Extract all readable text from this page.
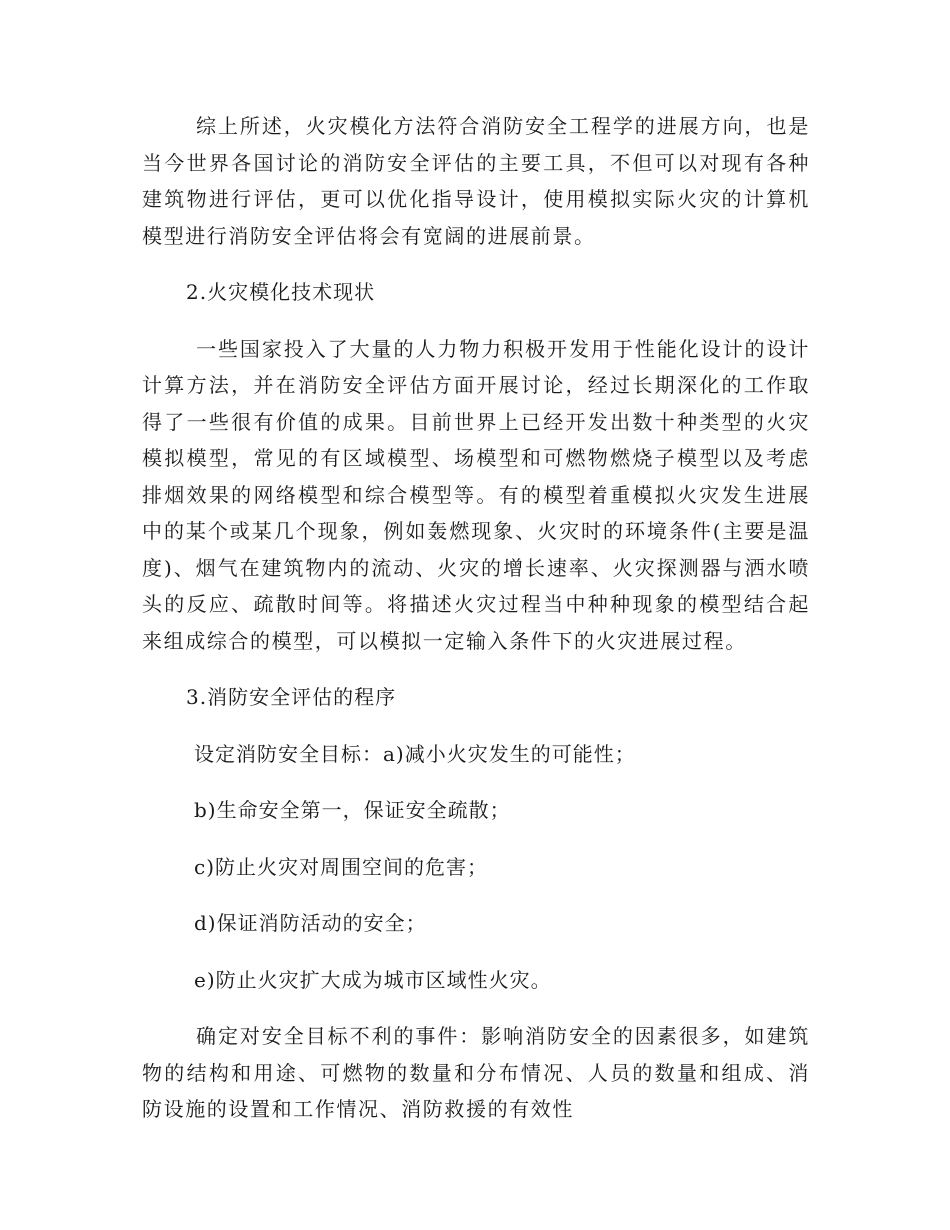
综上所述，火灾模化方法符合消防安全工程学的进展方向，也是当今世界各国讨论的消防安全评估的主要工具，不但可以对现有各种建筑物进行评估，更可以优化指导设计，使用模拟实际火灾的计算机模型进行消防安全评估将会有宽阔的进展前景。

2.火灾模化技术现状

一些国家投入了大量的人力物力积极开发用于性能化设计的设计计算方法，并在消防安全评估方面开展讨论，经过长期深化的工作取得了一些很有价值的成果。目前世界上已经开发出数十种类型的火灾模拟模型，常见的有区域模型、场模型和可燃物燃烧子模型以及考虑排烟效果的网络模型和综合模型等。有的模型着重模拟火灾发生进展中的某个或某几个现象，例如轰燃现象、火灾时的环境条件(主要是温度)、烟气在建筑物内的流动、火灾的增长速率、火灾探测器与洒水喷头的反应、疏散时间等。将描述火灾过程当中种种现象的模型结合起来组成综合的模型，可以模拟一定输入条件下的火灾进展过程。

3.消防安全评估的程序

设定消防安全目标：a)减小火灾发生的可能性；

b)生命安全第一，保证安全疏散；

c)防止火灾对周围空间的危害；

d)保证消防活动的安全；

e)防止火灾扩大成为城市区域性火灾。

确定对安全目标不利的事件：影响消防安全的因素很多，如建筑物的结构和用途、可燃物的数量和分布情况、人员的数量和组成、消防设施的设置和工作情况、消防救援的有效性
